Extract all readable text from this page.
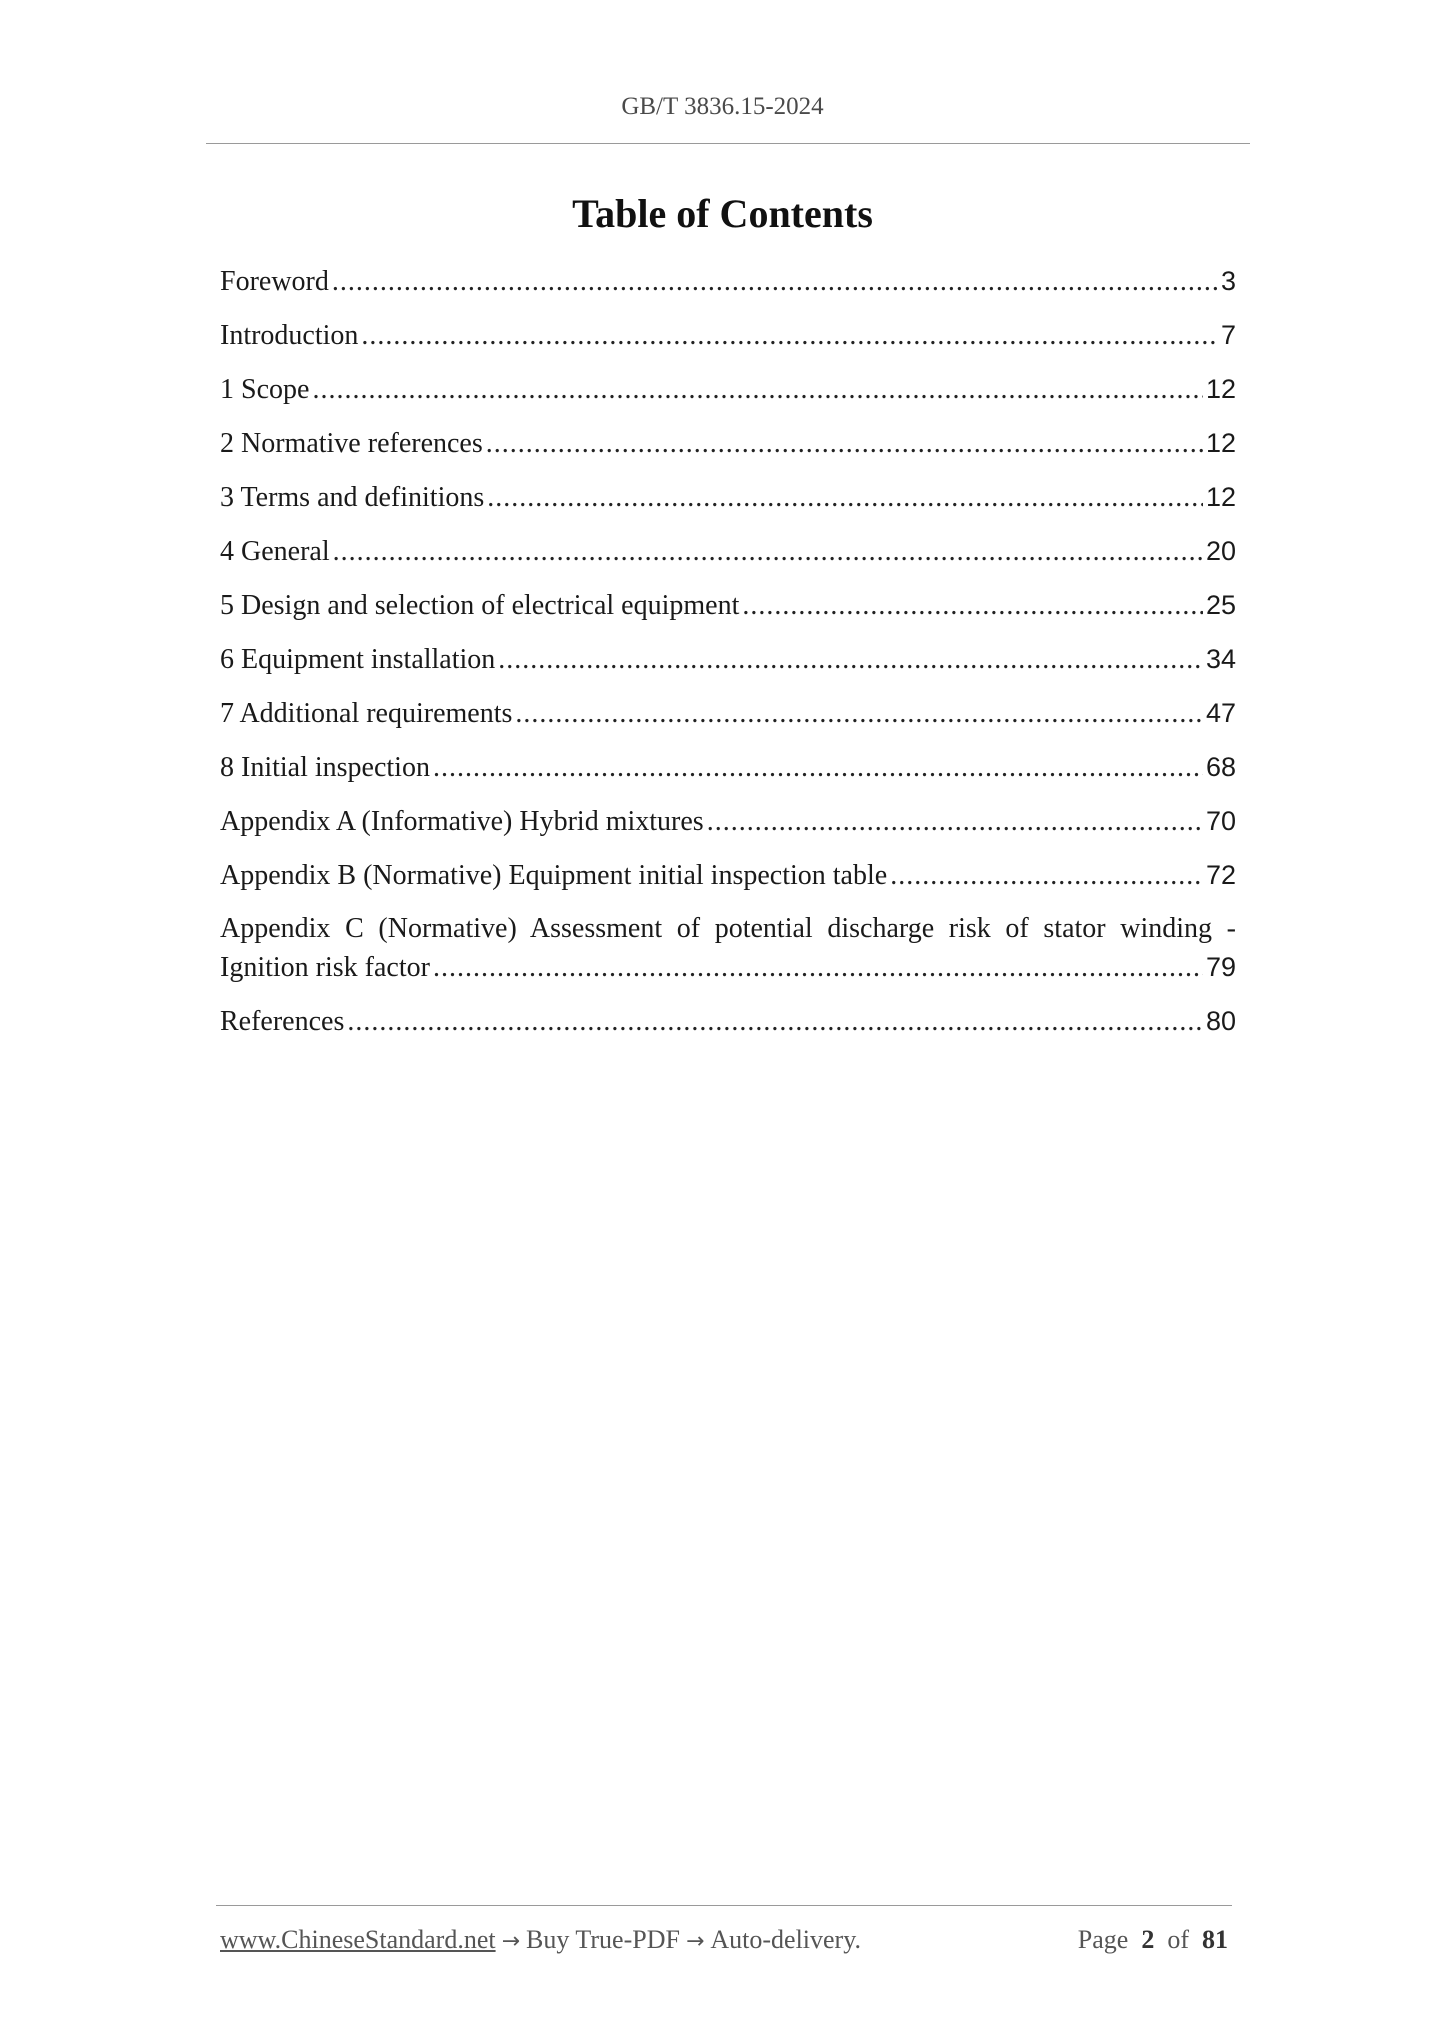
GB/T 3836.15-2024
Table of Contents
Foreword .....	3
Introduction .....	7
1 Scope .....	12
2 Normative references .....	12
3 Terms and definitions .....	12
4 General .....	20
5 Design and selection of electrical equipment .....	25
6 Equipment installation .....	34
7 Additional requirements .....	47
8 Initial inspection .....	68
Appendix A (Informative) Hybrid mixtures .....	70
Appendix B (Normative) Equipment initial inspection table .....	72
Appendix C (Normative) Assessment of potential discharge risk of stator winding -
Ignition risk factor .....	79
References .....	80
www.ChineseStandard.net → Buy True-PDF → Auto-delivery.	Page 2 of 81
